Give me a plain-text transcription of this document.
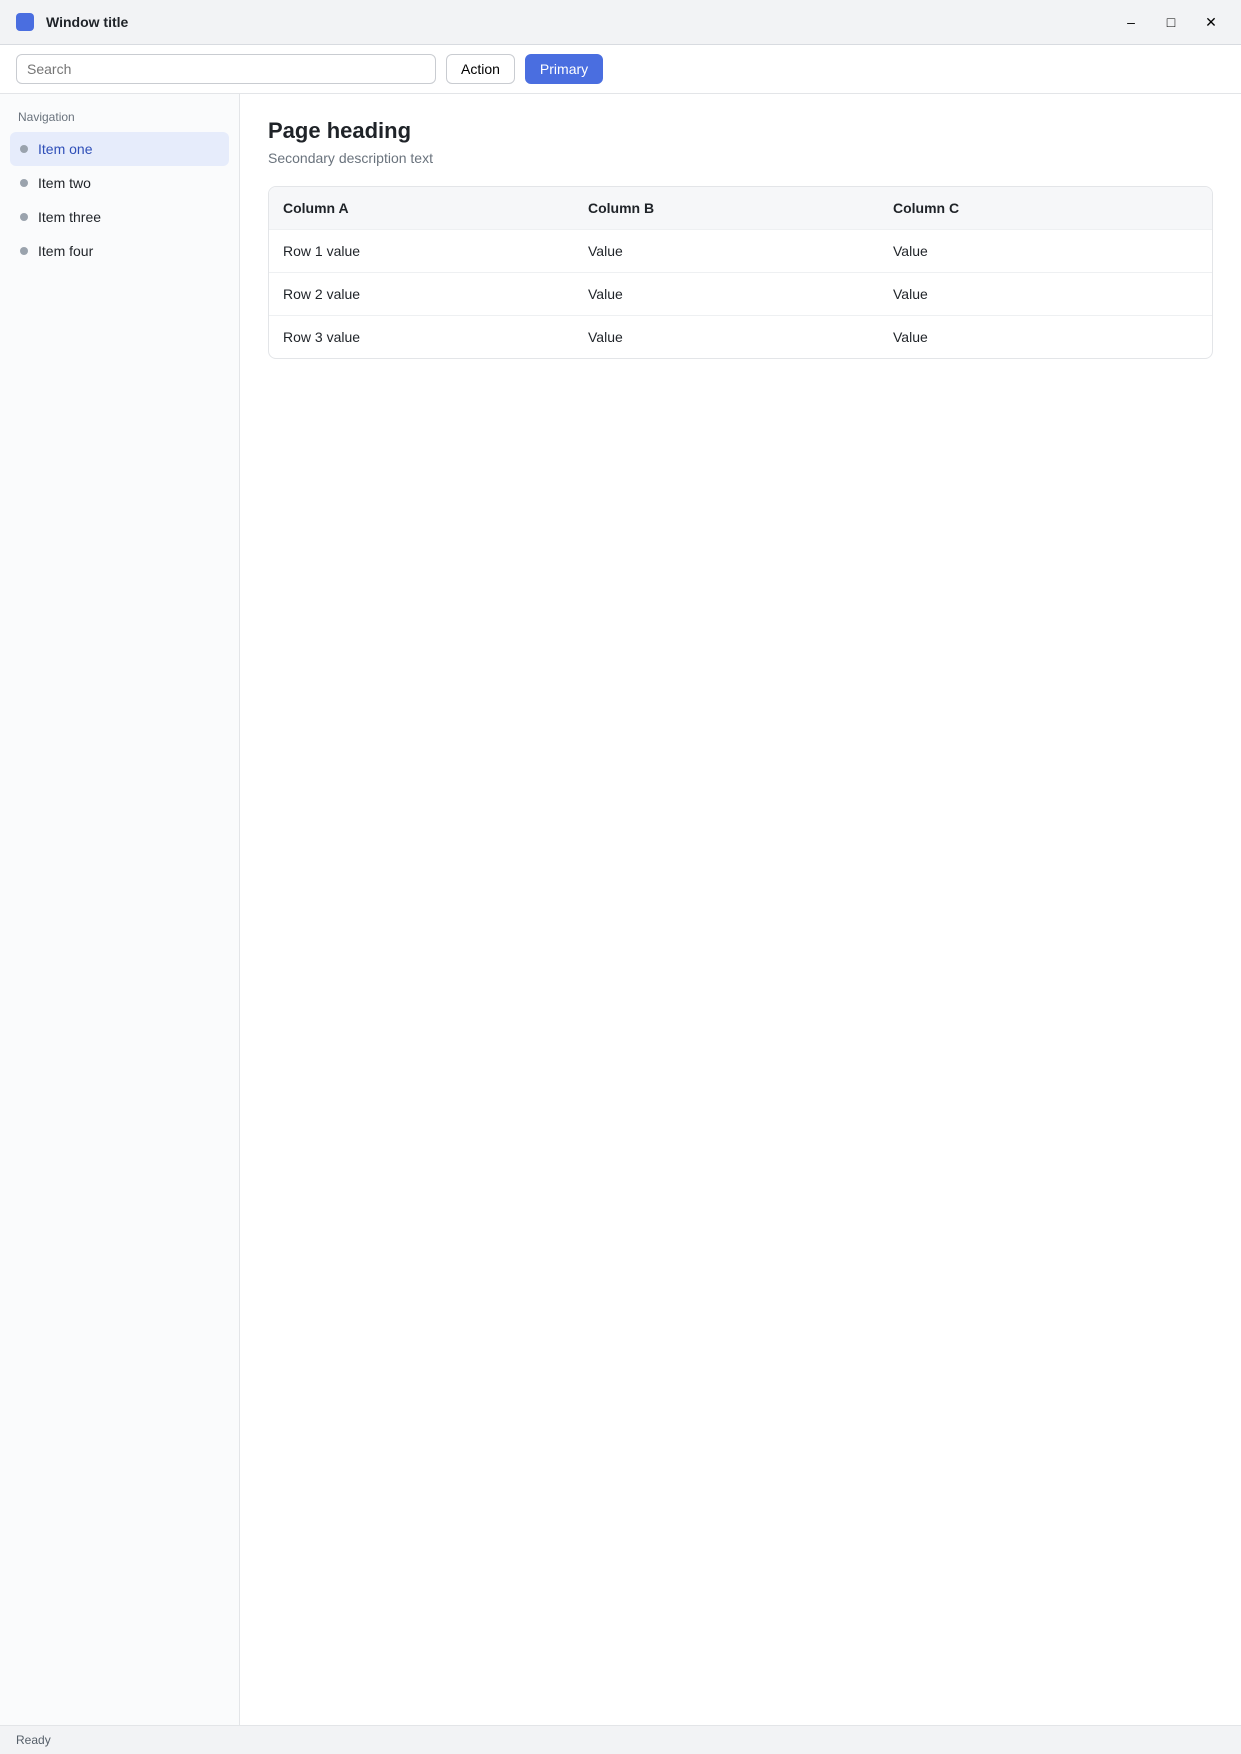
Window title	–	□	✕
Search
Action	Primary
Navigation
Item one
Item two
Item three
Item four
Page heading

Secondary description text

Column A	Column B	Column C
Row 1 value	Value	Value
Row 2 value	Value	Value
Row 3 value	Value	Value
Ready
